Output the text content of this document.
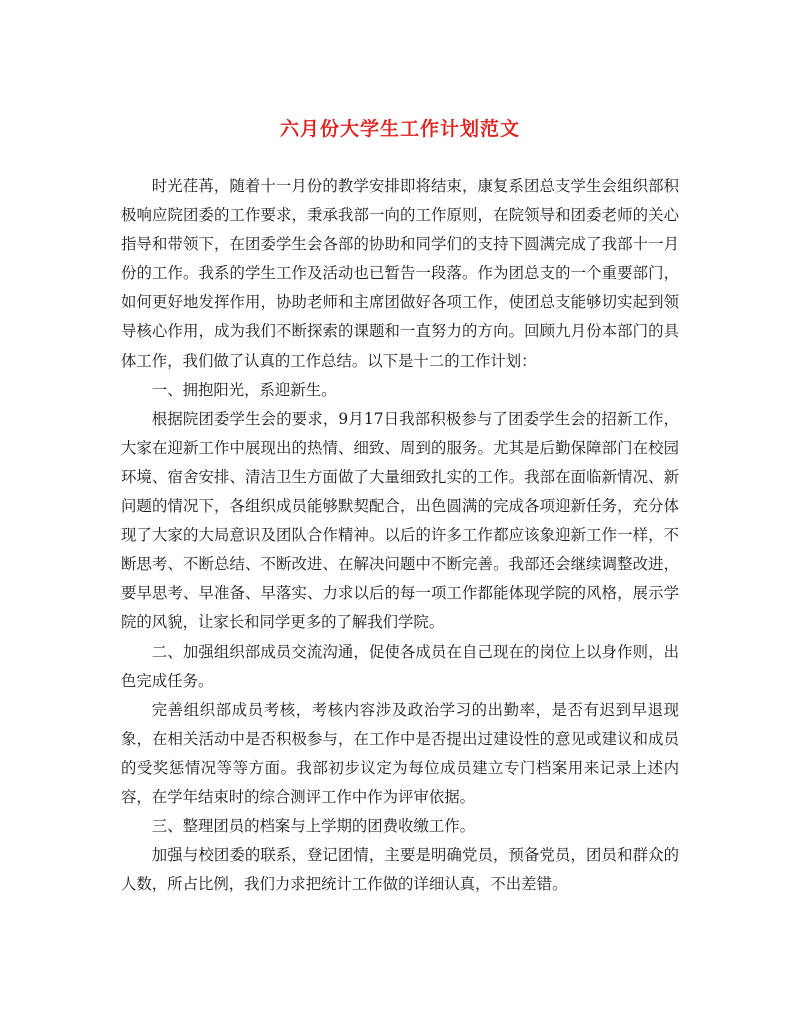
六月份大学生工作计划范文

时光荏苒，随着十一月份的教学安排即将结束，康复系团总支学生会组织部积极响应院团委的工作要求，秉承我部一向的工作原则，在院领导和团委老师的关心指导和带领下，在团委学生会各部的协助和同学们的支持下圆满完成了我部十一月份的工作。我系的学生工作及活动也已暂告一段落。作为团总支的一个重要部门，如何更好地发挥作用，协助老师和主席团做好各项工作，使团总支能够切实起到领导核心作用，成为我们不断探索的课题和一直努力的方向。回顾九月份本部门的具体工作，我们做了认真的工作总结。以下是十二的工作计划：

一、拥抱阳光，系迎新生。

根据院团委学生会的要求，9月17日我部积极参与了团委学生会的招新工作，大家在迎新工作中展现出的热情、细致、周到的服务。尤其是后勤保障部门在校园环境、宿舍安排、清洁卫生方面做了大量细致扎实的工作。我部在面临新情况、新问题的情况下，各组织成员能够默契配合，出色圆满的完成各项迎新任务，充分体现了大家的大局意识及团队合作精神。以后的许多工作都应该象迎新工作一样，不断思考、不断总结、不断改进、在解决问题中不断完善。我部还会继续调整改进，要早思考、早准备、早落实、力求以后的每一项工作都能体现学院的风格，展示学院的风貌，让家长和同学更多的了解我们学院。

二、加强组织部成员交流沟通，促使各成员在自己现在的岗位上以身作则，出色完成任务。

完善组织部成员考核，考核内容涉及政治学习的出勤率，是否有迟到早退现象，在相关活动中是否积极参与，在工作中是否提出过建设性的意见或建议和成员的受奖惩情况等等方面。我部初步议定为每位成员建立专门档案用来记录上述内容，在学年结束时的综合测评工作中作为评审依据。

三、整理团员的档案与上学期的团费收缴工作。

加强与校团委的联系，登记团情，主要是明确党员，预备党员，团员和群众的人数，所占比例，我们力求把统计工作做的详细认真，不出差错。
